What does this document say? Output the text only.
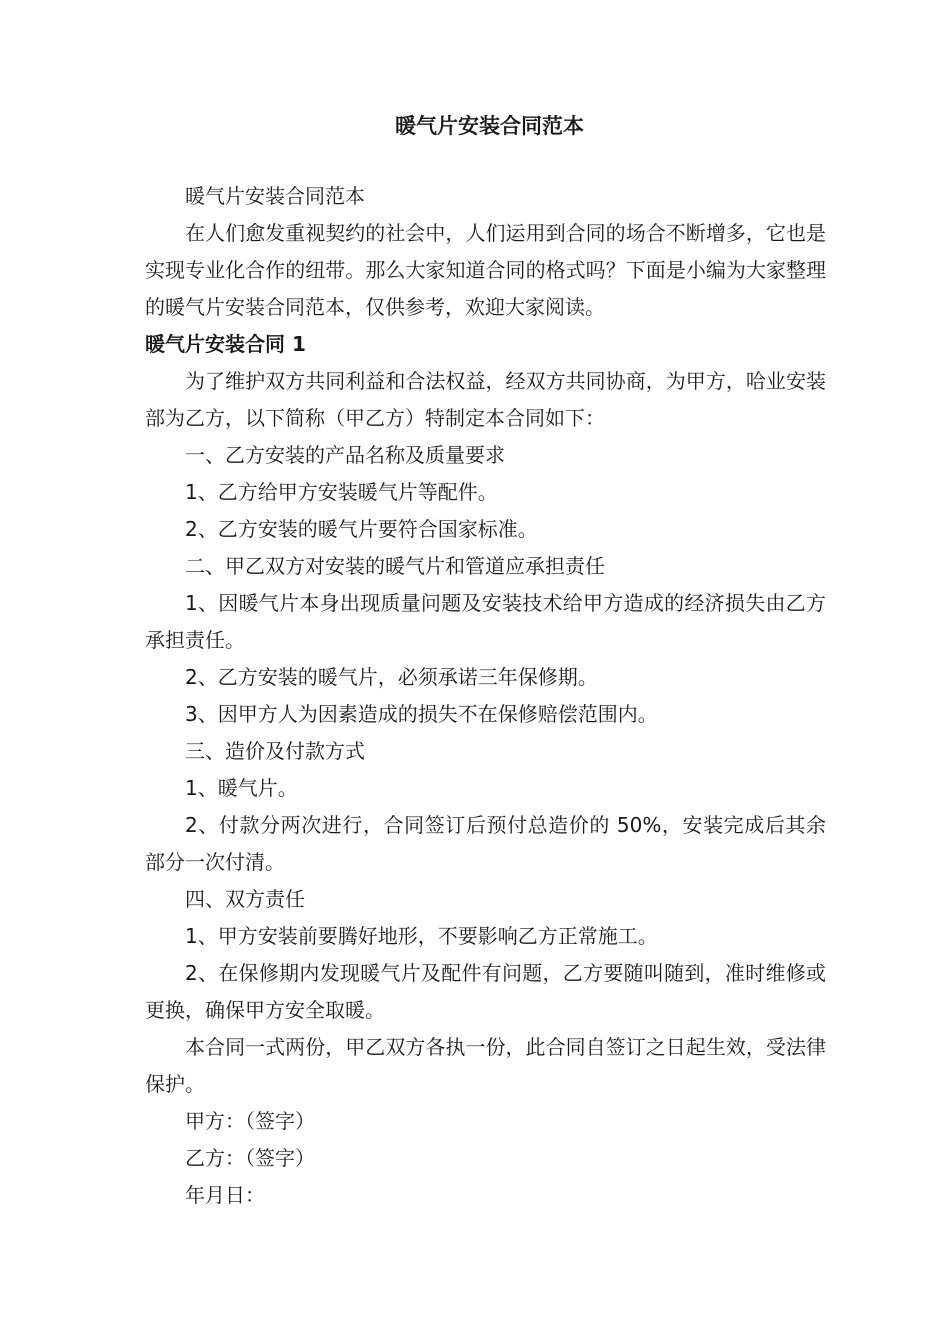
暖气片安装合同范本

暖气片安装合同范本

在人们愈发重视契约的社会中，人们运用到合同的场合不断增多，它也是实现专业化合作的纽带。那么大家知道合同的格式吗？下面是小编为大家整理的暖气片安装合同范本，仅供参考，欢迎大家阅读。

暖气片安装合同 1

为了维护双方共同利益和合法权益，经双方共同协商，为甲方，哈业安装部为乙方，以下简称（甲乙方）特制定本合同如下：

一、乙方安装的产品名称及质量要求

1、乙方给甲方安装暖气片等配件。

2、乙方安装的暖气片要符合国家标准。

二、甲乙双方对安装的暖气片和管道应承担责任

1、因暖气片本身出现质量问题及安装技术给甲方造成的经济损失由乙方承担责任。

2、乙方安装的暖气片，必须承诺三年保修期。

3、因甲方人为因素造成的损失不在保修赔偿范围内。

三、造价及付款方式

1、暖气片。

2、付款分两次进行，合同签订后预付总造价的 50%，安装完成后其余部分一次付清。

四、双方责任

1、甲方安装前要腾好地形，不要影响乙方正常施工。

2、在保修期内发现暖气片及配件有问题，乙方要随叫随到，准时维修或更换，确保甲方安全取暖。

本合同一式两份，甲乙双方各执一份，此合同自签订之日起生效，受法律保护。

甲方：（签字）

乙方：（签字）

年月日：
